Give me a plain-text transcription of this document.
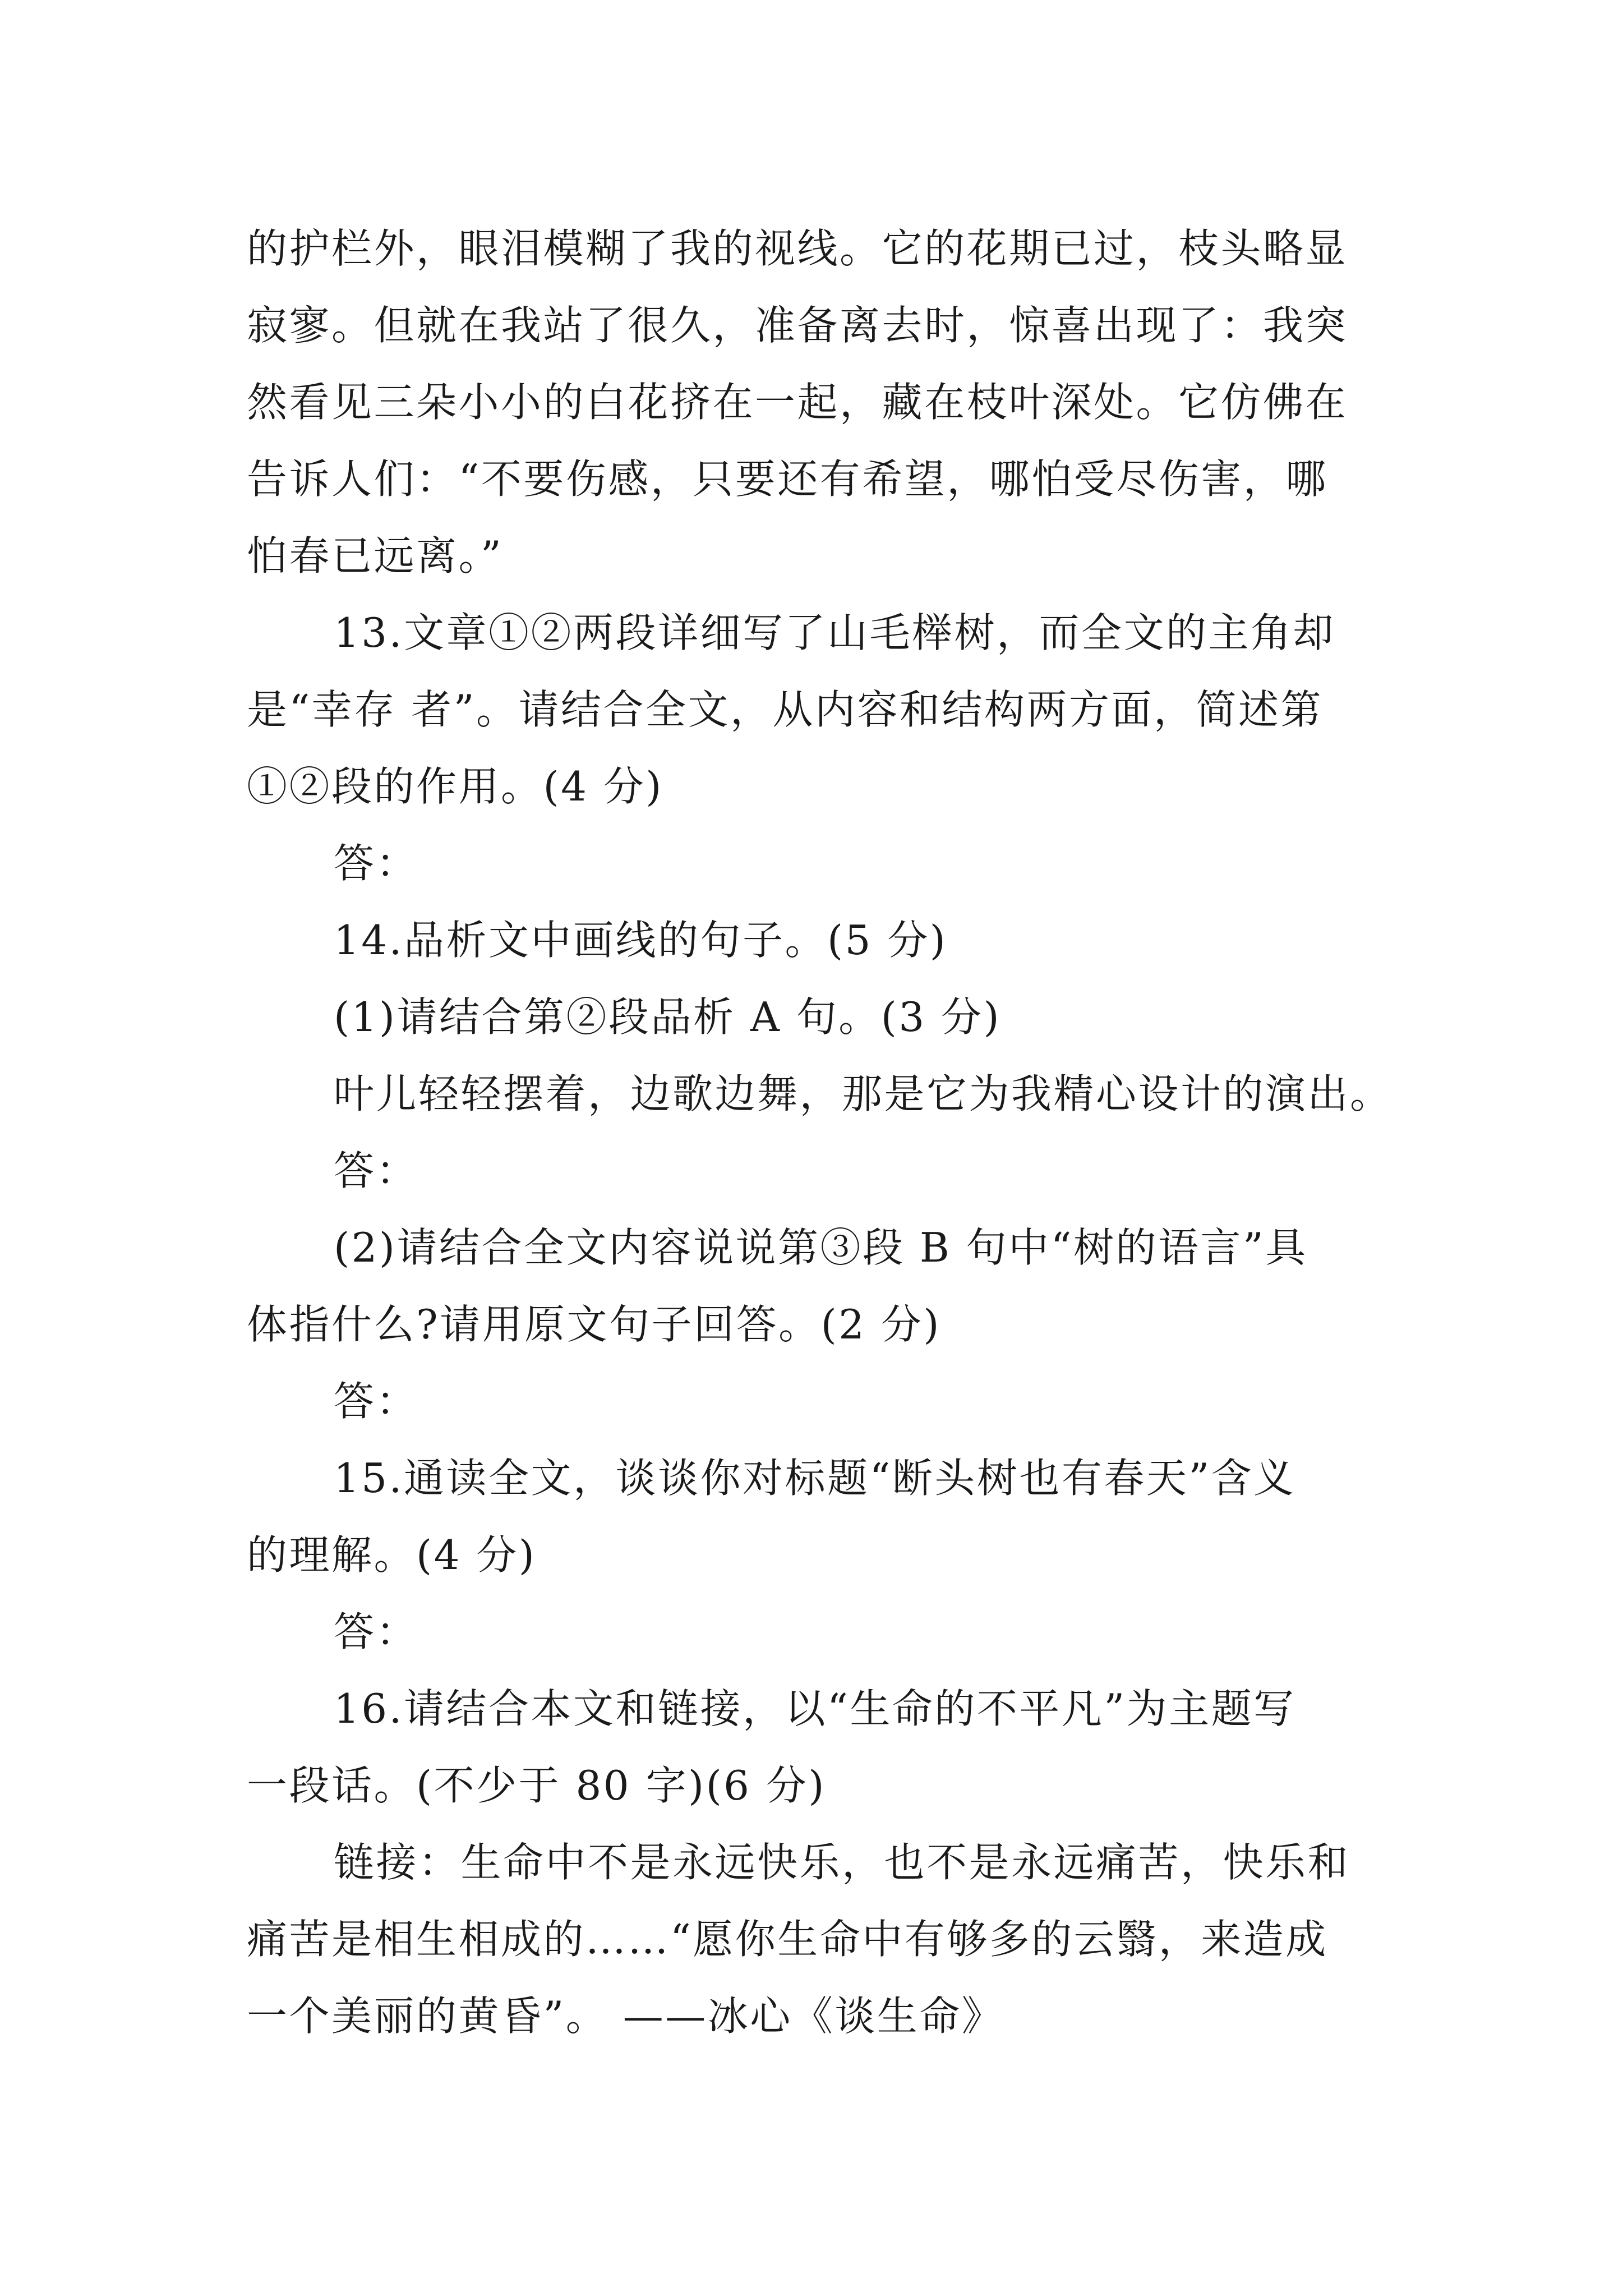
的护栏外，眼泪模糊了我的视线。它的花期已过，枝头略显
寂寥。但就在我站了很久，准备离去时，惊喜出现了：我突
然看见三朵小小的白花挤在一起，藏在枝叶深处。它仿佛在
告诉人们：“不要伤感，只要还有希望，哪怕受尽伤害，哪
怕春已远离。”
13.文章①②两段详细写了山毛榉树，而全文的主角却
是“幸存 者”。请结合全文，从内容和结构两方面，简述第
①②段的作用。(4 分)
答：
14.品析文中画线的句子。(5 分)
(1)请结合第②段品析 A 句。(3 分)
叶儿轻轻摆着，边歌边舞，那是它为我精心设计的演出。
答：
(2)请结合全文内容说说第③段 B 句中“树的语言”具
体指什么?请用原文句子回答。(2 分)
答：
15.通读全文，谈谈你对标题“断头树也有春天”含义
的理解。(4 分)
答：
16.请结合本文和链接，以“生命的不平凡”为主题写
一段话。(不少于 80 字)(6 分)
链接：生命中不是永远快乐，也不是永远痛苦，快乐和
痛苦是相生相成的……“愿你生命中有够多的云翳，来造成
一个美丽的黄昏”。 ——冰心《谈生命》
